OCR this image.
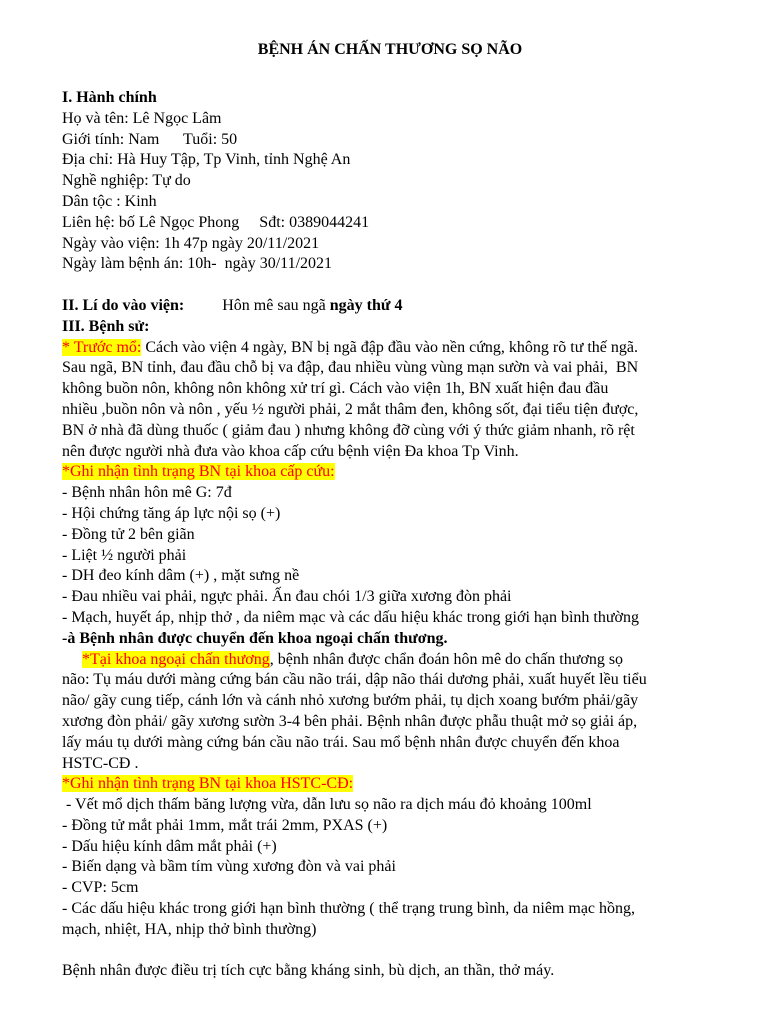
BỆNH ÁN CHẤN THƯƠNG SỌ NÃO
I. Hành chính
Họ và tên: Lê Ngọc Lâm
Giới tính: Nam      Tuổi: 50
Địa chỉ: Hà Huy Tập, Tp Vinh, tỉnh Nghệ An
Nghề nghiệp: Tự do
Dân tộc : Kinh
Liên hệ: bố Lê Ngọc Phong     Sđt: 0389044241
Ngày vào viện: 1h 47p ngày 20/11/2021
Ngày làm bệnh án: 10h-  ngày 30/11/2021
II. Lí do vào viện: Hôn mê sau ngã ngày thứ 4
III. Bệnh sử:
* Trước mổ: Cách vào viện 4 ngày, BN bị ngã đập đầu vào nền cứng, không rõ tư thế ngã.
Sau ngã, BN tỉnh, đau đầu chỗ bị va đập, đau nhiều vùng vùng mạn sườn và vai phải,  BN
không buồn nôn, không nôn không xử trí gì. Cách vào viện 1h, BN xuất hiện đau đầu
nhiều ,buồn nôn và nôn , yếu ½ người phải, 2 mắt thâm đen, không sốt, đại tiểu tiện được,
BN ở nhà đã dùng thuốc ( giảm đau ) nhưng không đỡ cùng với ý thức giảm nhanh, rõ rệt
nên được người nhà đưa vào khoa cấp cứu bệnh viện Đa khoa Tp Vinh.
*Ghi nhận tình trạng BN tại khoa cấp cứu:
- Bệnh nhân hôn mê G: 7đ
- Hội chứng tăng áp lực nội sọ (+)
- Đồng tử 2 bên giãn
- Liệt ½ người phải
- DH đeo kính dâm (+) , mặt sưng nề
- Đau nhiều vai phải, ngực phải. Ấn đau chói 1/3 giữa xương đòn phải
- Mạch, huyết áp, nhịp thở , da niêm mạc và các dấu hiệu khác trong giới hạn bình thường
-à Bệnh nhân được chuyển đến khoa ngoại chấn thương.
*Tại khoa ngoại chấn thương, bệnh nhân được chẩn đoán hôn mê do chấn thương sọ
não: Tụ máu dưới màng cứng bán cầu não trái, dập não thái dương phải, xuất huyết lều tiểu
não/ gãy cung tiếp, cánh lớn và cánh nhỏ xương bướm phải, tụ dịch xoang bướm phải/gãy
xương đòn phải/ gãy xương sườn 3-4 bên phải. Bệnh nhân được phẫu thuật mở sọ giải áp,
lấy máu tụ dưới màng cứng bán cầu não trái. Sau mổ bệnh nhân được chuyển đến khoa
HSTC-CĐ .
*Ghi nhận tình trạng BN tại khoa HSTC-CĐ:
- Vết mổ dịch thấm băng lượng vừa, dẫn lưu sọ não ra dịch máu đỏ khoảng 100ml
- Đồng tử mắt phải 1mm, mắt trái 2mm, PXAS (+)
- Dấu hiệu kính dâm mắt phải (+)
- Biến dạng và bầm tím vùng xương đòn và vai phải
- CVP: 5cm
- Các dấu hiệu khác trong giới hạn bình thường ( thể trạng trung bình, da niêm mạc hồng,
mạch, nhiệt, HA, nhịp thở bình thường)
Bệnh nhân được điều trị tích cực bằng kháng sinh, bù dịch, an thần, thở máy.
